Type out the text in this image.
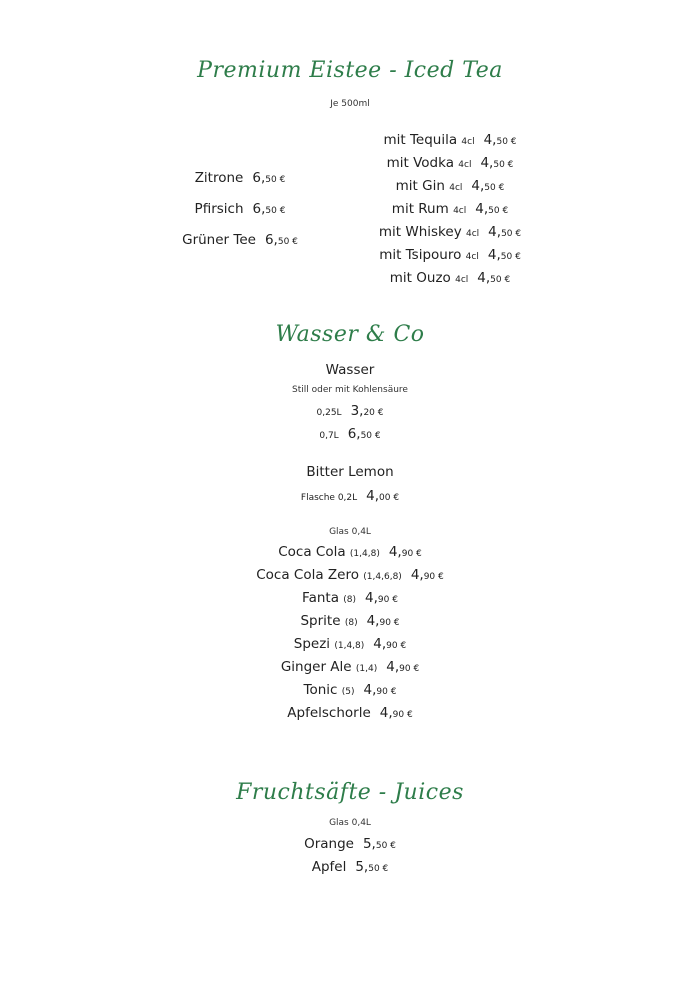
Premium Eistee - Iced Tea
Je 500ml
Zitrone 6,50 €
Pfirsich 6,50 €
Grüner Tee 6,50 €
mit Tequila 4cl 4,50 €
mit Vodka 4cl 4,50 €
mit Gin 4cl 4,50 €
mit Rum 4cl 4,50 €
mit Whiskey 4cl 4,50 €
mit Tsipouro 4cl 4,50 €
mit Ouzo 4cl 4,50 €
Wasser & Co
Wasser
Still oder mit Kohlensäure
0,25L 3,20 €
0,7L 6,50 €
Bitter Lemon
Flasche 0,2L 4,00 €
Glas 0,4L
Coca Cola (1,4,8) 4,90 €
Coca Cola Zero (1,4,6,8) 4,90 €
Fanta (8) 4,90 €
Sprite (8) 4,90 €
Spezi (1,4,8) 4,90 €
Ginger Ale (1,4) 4,90 €
Tonic (5) 4,90 €
Apfelschorle 4,90 €
Fruchtsäfte - Juices
Glas 0,4L
Orange 5,50 €
Apfel 5,50 €
